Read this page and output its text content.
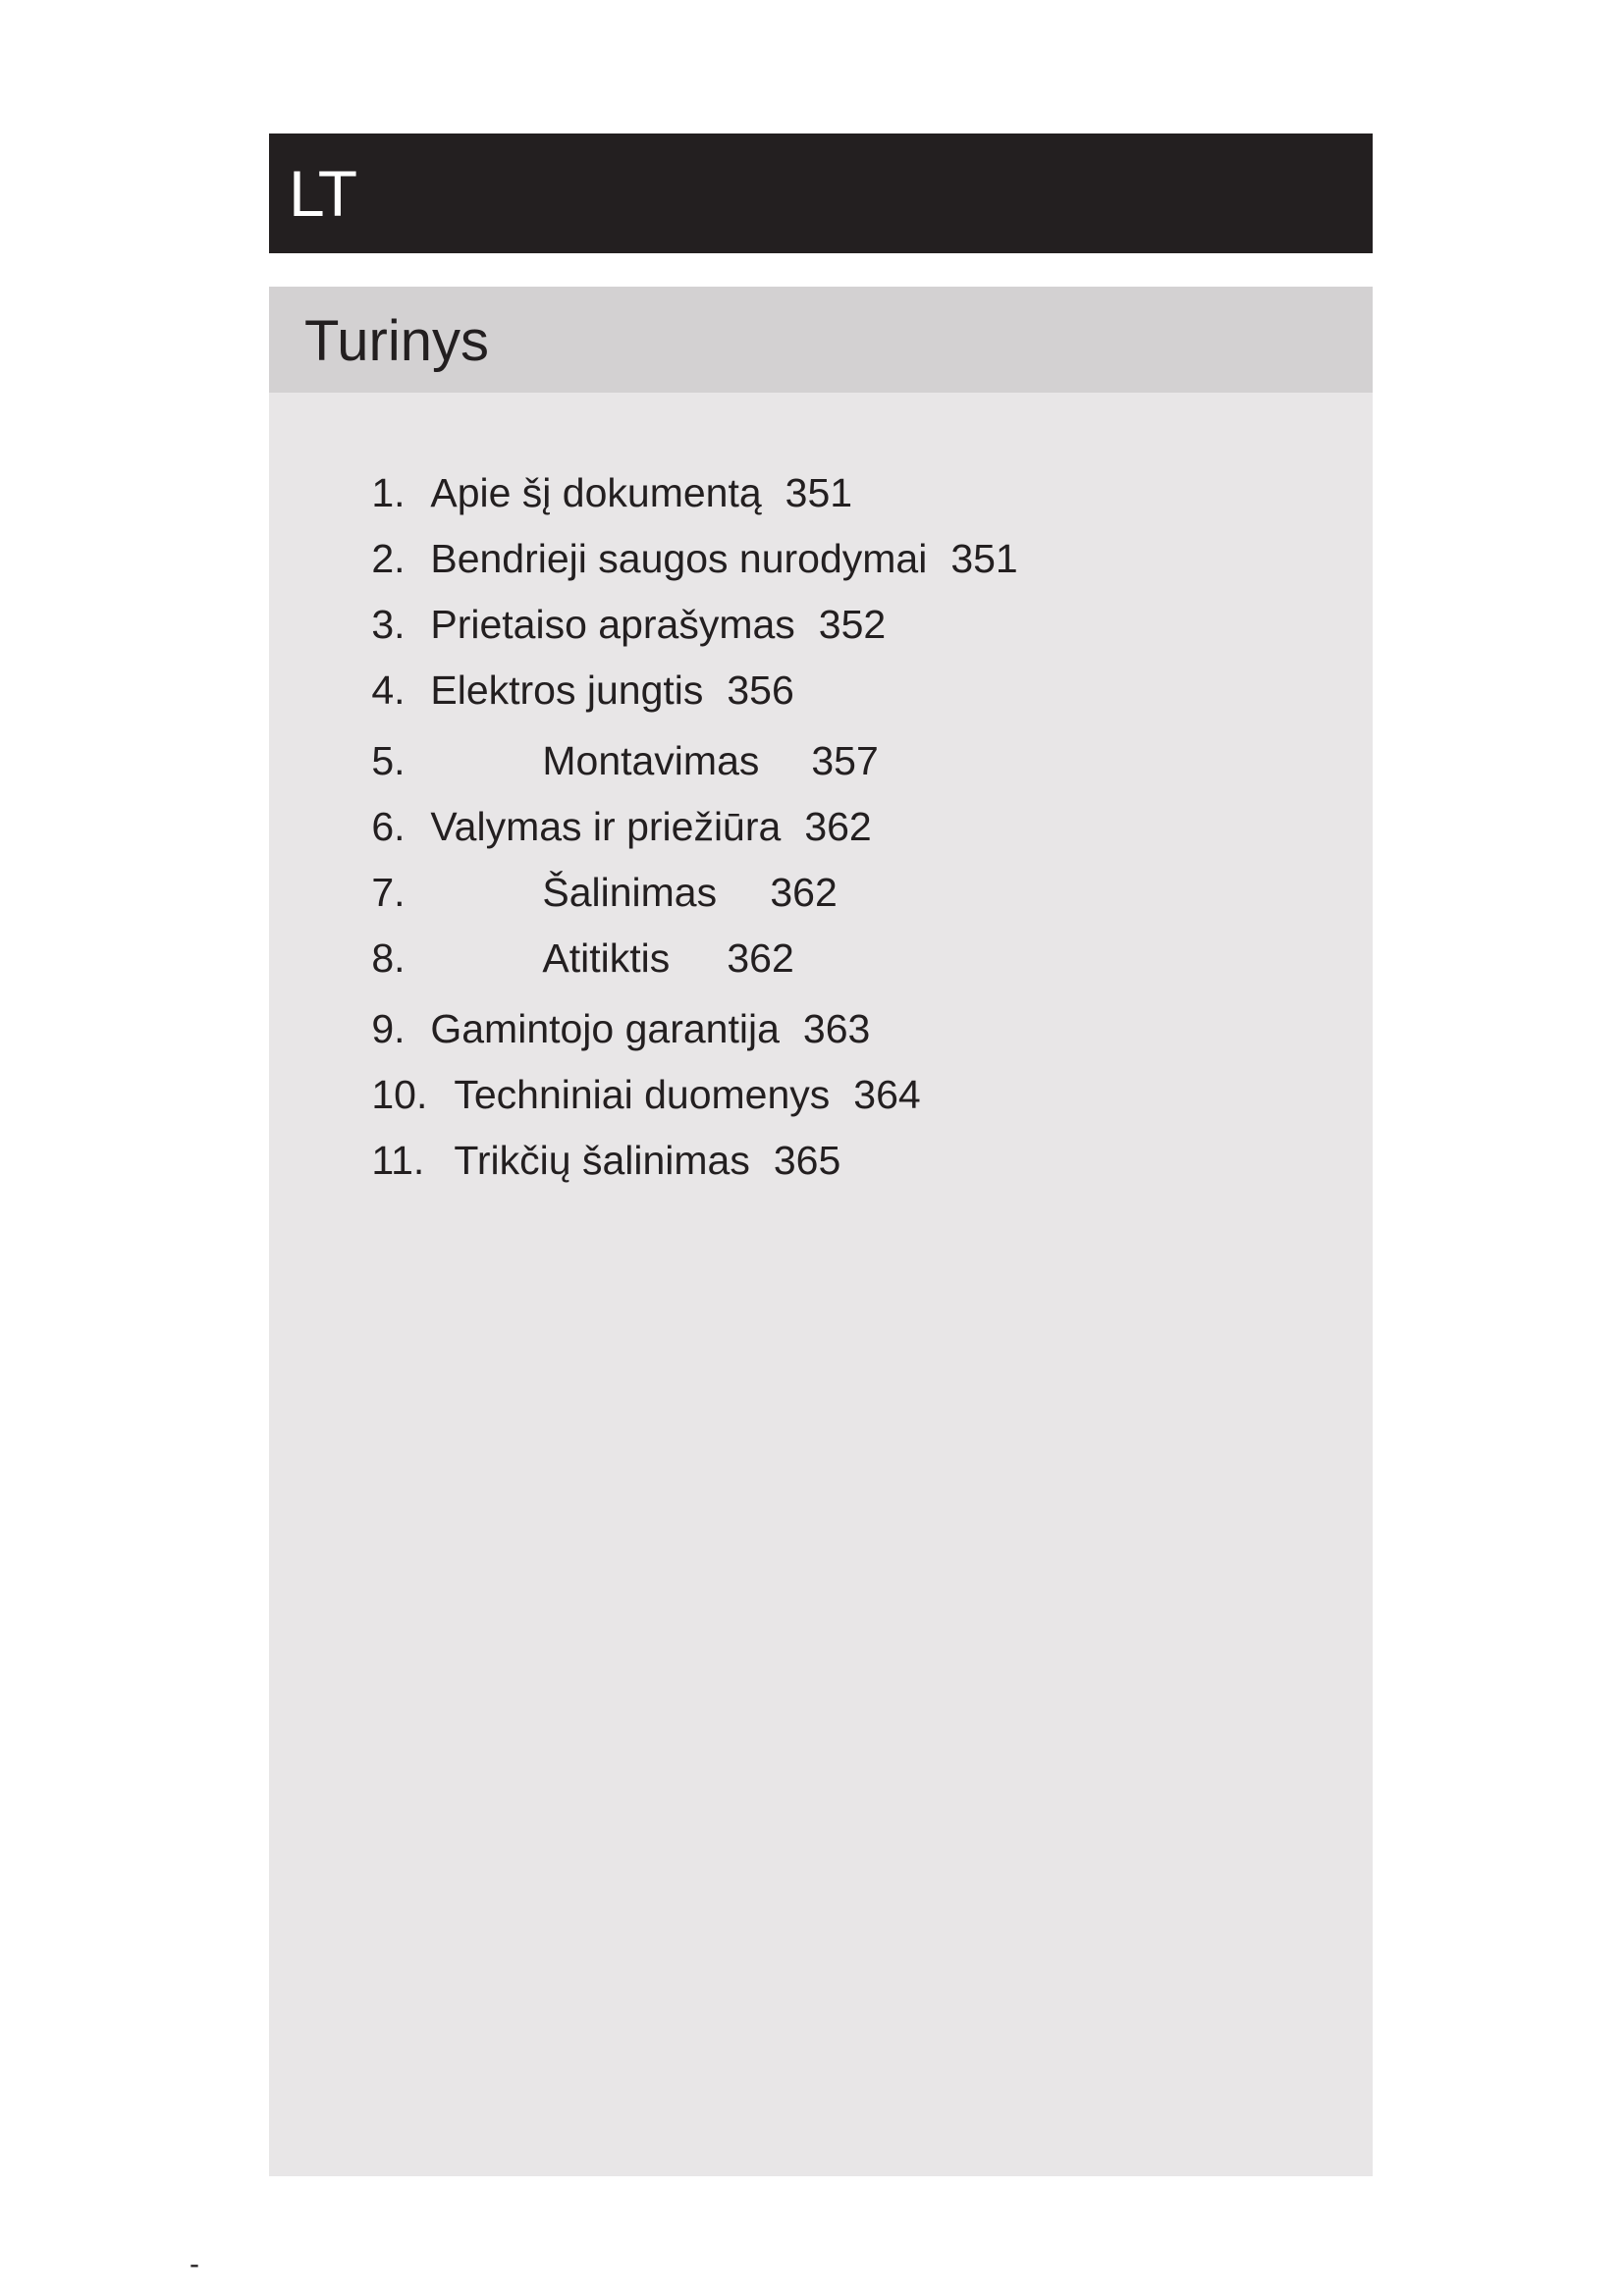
LT
Turinys

1. Apie šį dokumentą 351

2. Bendrieji saugos nurodymai 351

3. Prietaiso aprašymas 352

4. Elektros jungtis 356

5.	Montavimas 357

6. Valymas ir priežiūra 362

7.	Šalinimas 362

8.	Atitiktis 362

9. Gamintojo garantija 363

10. Techniniai duomenys 364

11. Trikčių šalinimas 365

-
